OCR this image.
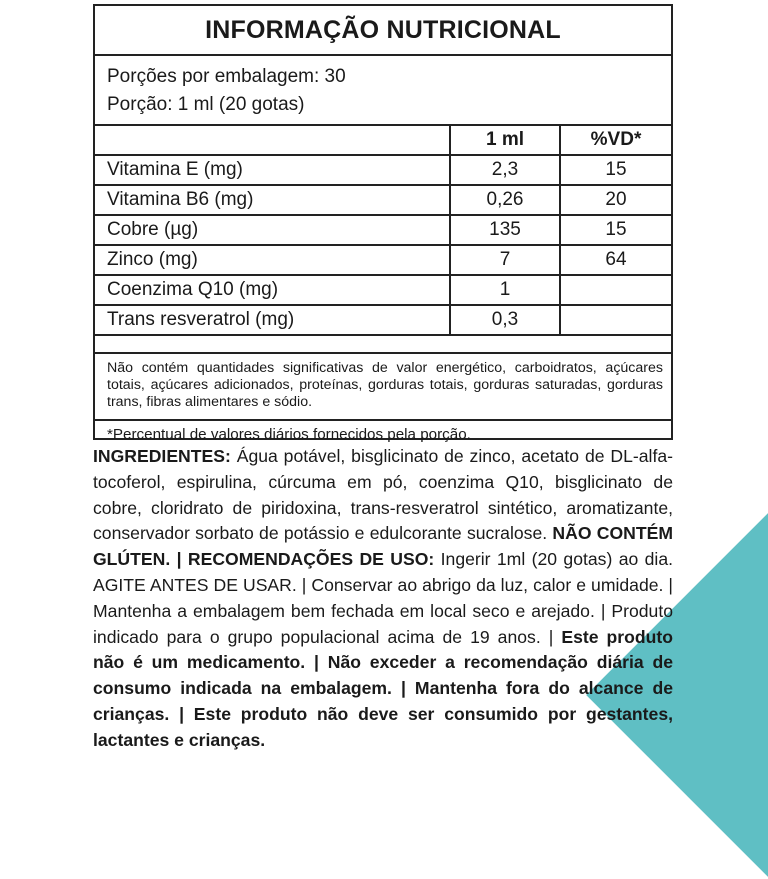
INFORMAÇÃO NUTRICIONAL
Porções por embalagem: 30
Porção: 1 ml (20 gotas)
	1 ml	%VD*
Vitamina E (mg)	2,3	15
Vitamina B6 (mg)	0,26	20
Cobre (µg)	135	15
Zinco (mg)	7	64
Coenzima Q10 (mg)	1	
Trans resveratrol (mg)	0,3	
Não contém quantidades significativas de valor energético, carboidratos, açúcares totais, açúcares adicionados, proteínas, gorduras totais, gorduras saturadas, gorduras trans, fibras alimentares e sódio.
*Percentual de valores diários fornecidos pela porção.
INGREDIENTES: Água potável, bisglicinato de zinco, acetato de DL-alfa-tocoferol, espirulina, cúrcuma em pó, coenzima Q10, bisglicinato de cobre, cloridrato de piridoxina, trans-resveratrol sintético, aromatizante, conservador sorbato de potássio e edulcorante sucralose. NÃO CONTÉM GLÚTEN. | RECOMENDAÇÕES DE USO: Ingerir 1ml (20 gotas) ao dia. AGITE ANTES DE USAR. | Conservar ao abrigo da luz, calor e umidade. | Mantenha a embalagem bem fechada em local seco e arejado. | Produto indicado para o grupo populacional acima de 19 anos. | Este produto não é um medicamento. | Não exceder a recomendação diária de consumo indicada na embalagem. | Mantenha fora do alcance de crianças. | Este produto não deve ser consumido por gestantes, lactantes e crianças.
